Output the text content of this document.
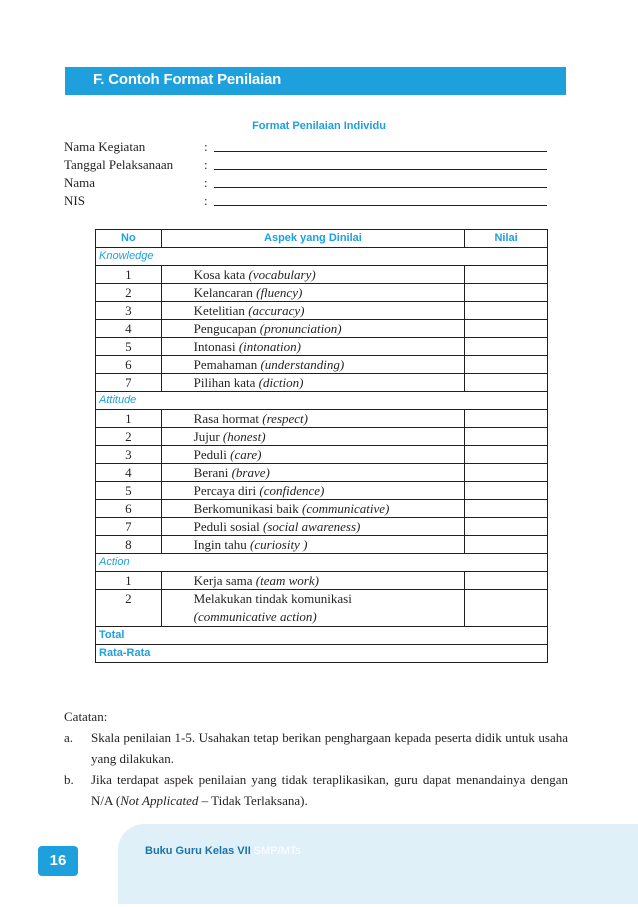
F. Contoh Format Penilaian
Format Penilaian Individu
Nama Kegiatan	:
Tanggal Pelaksanaan :
Nama	:
NIS	:
No	Aspek yang Dinilai	Nilai
Knowledge		
1	Kosa kata (vocabulary)	
2	Kelancaran (fluency)	
3	Ketelitian (accuracy)	
4	Pengucapan (pronunciation)	
5	Intonasi (intonation)	
6	Pemahaman (understanding)	
7	Pilihan kata (diction)	
Attitude		
1	Rasa hormat (respect)	
2	Jujur (honest)	
3	Peduli (care)	
4	Berani (brave)	
5	Percaya diri (confidence)	
6	Berkomunikasi baik (communicative)	
7	Peduli sosial (social awareness)	
8	Ingin tahu (curiosity )	
Action		
1	Kerja sama (team work)	
2	Melakukan tindak komunikasi
(communicative action)	
Total		
Rata-Rata		
Catatan:
a. Skala penilaian 1-5. Usahakan tetap berikan penghargaan kepada peserta didik untuk usaha yang dilakukan.
b. Jika terdapat aspek penilaian yang tidak teraplikasikan, guru dapat menandainya dengan N/A (Not Applicated – Tidak Terlaksana).
16
Buku Guru Kelas VII SMP/MTs
